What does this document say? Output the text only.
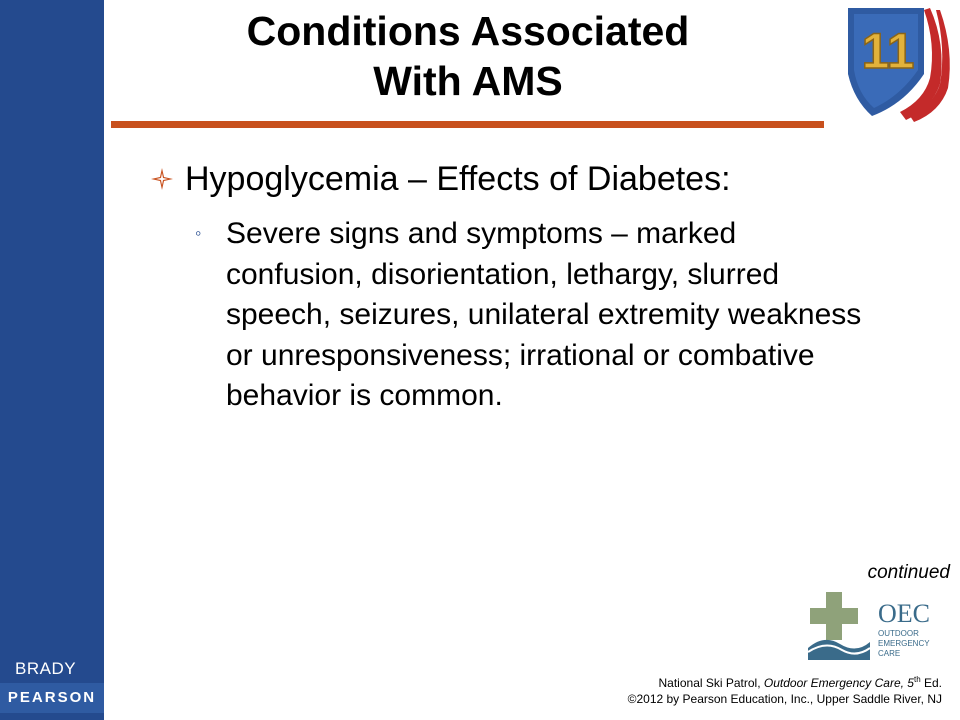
BRADY
PEARSON
Conditions Associated
With AMS
11
Hypoglycemia – Effects of Diabetes:
◦ Severe signs and symptoms – marked confusion, disorientation, lethargy, slurred speech, seizures, unilateral extremity weakness or unresponsiveness; irrational or combative behavior is common.
continued
OEC
OUTDOOR
EMERGENCY
CARE
National Ski Patrol, Outdoor Emergency Care, 5th Ed.
©2012 by Pearson Education, Inc., Upper Saddle River, NJ
